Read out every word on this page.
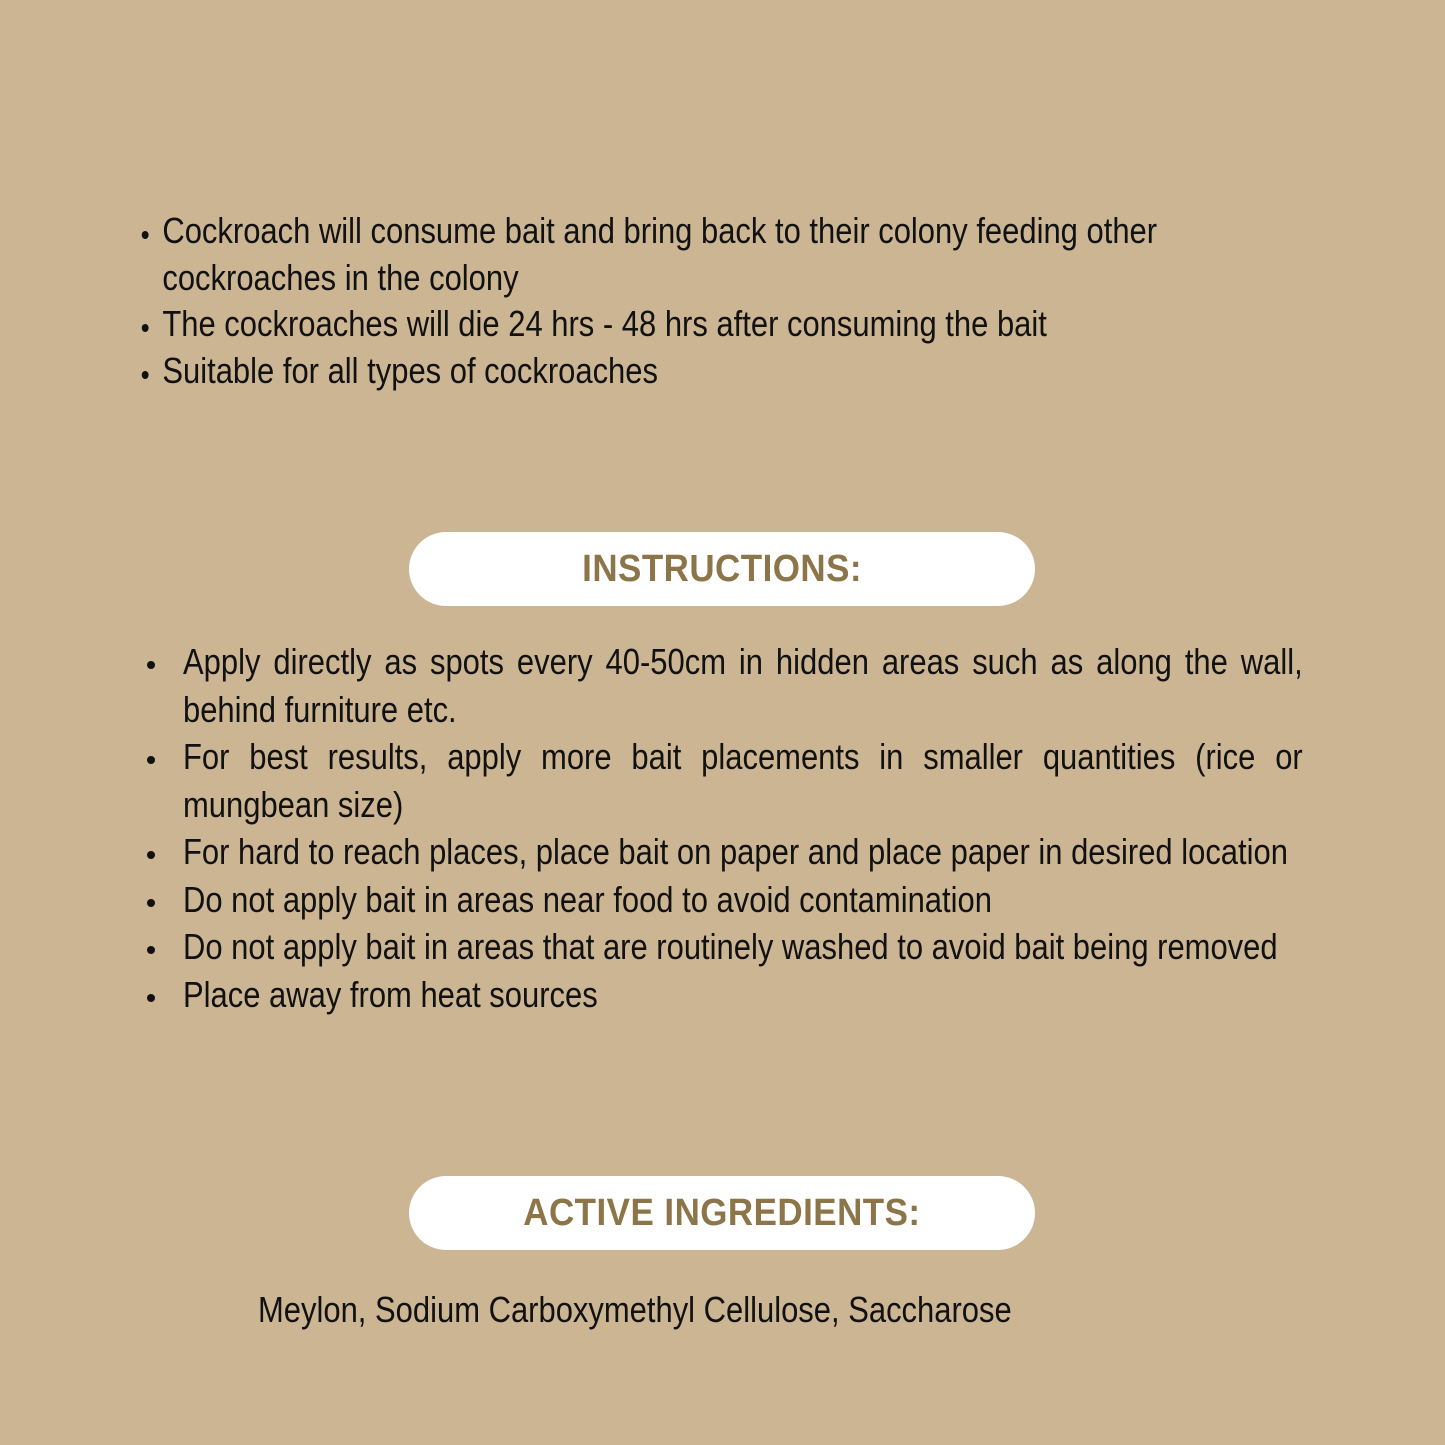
Cockroach will consume bait and bring back to their colony feeding other cockroaches in the colony
The cockroaches will die 24 hrs - 48 hrs after consuming the bait
Suitable for all types of cockroaches
INSTRUCTIONS:
Apply directly as spots every 40-50cm in hidden areas such as along the wall, behind furniture etc.
For best results, apply more bait placements in smaller quantities (rice or mungbean size)
For hard to reach places, place bait on paper and place paper in desired location
Do not apply bait in areas near food to avoid contamination
Do not apply bait in areas that are routinely washed to avoid bait being removed
Place away from heat sources
ACTIVE INGREDIENTS:
Meylon, Sodium Carboxymethyl Cellulose, Saccharose
